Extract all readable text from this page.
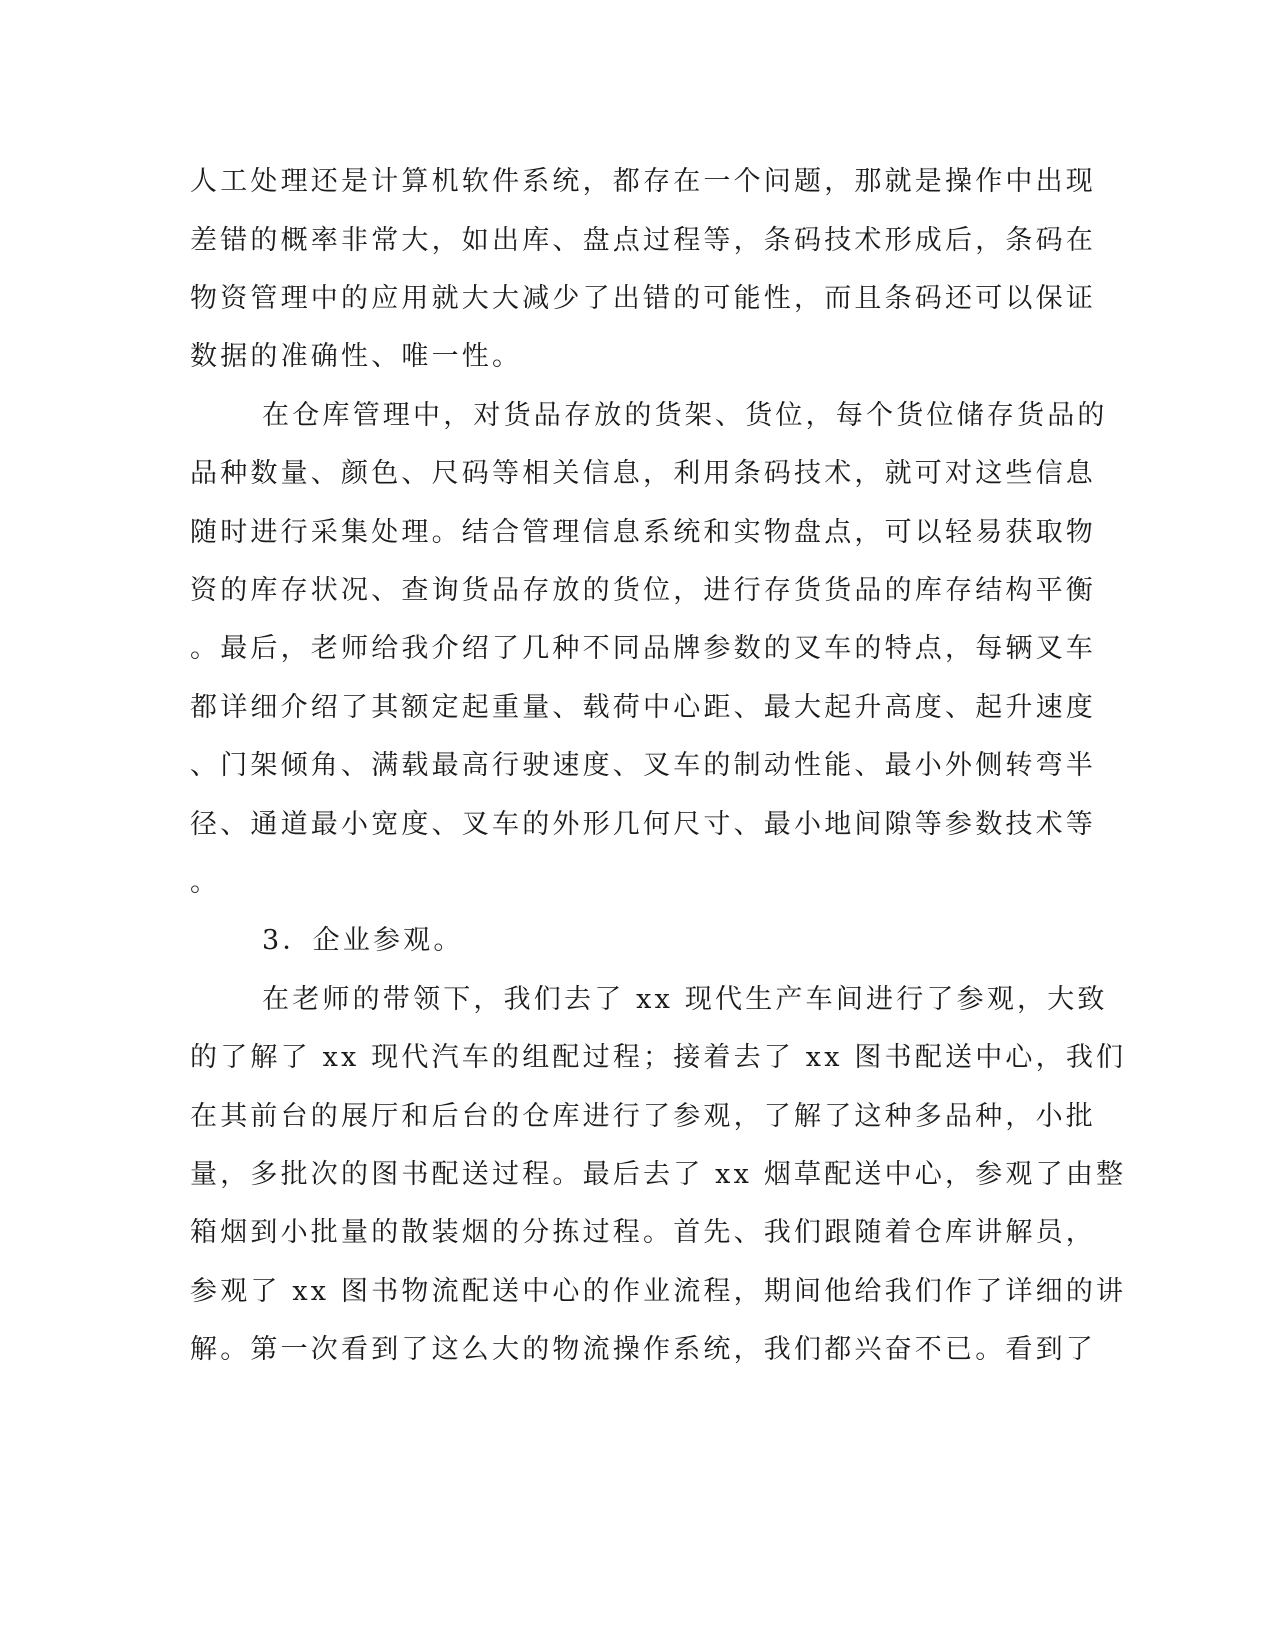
人工处理还是计算机软件系统，都存在一个问题，那就是操作中出现
差错的概率非常大，如出库、盘点过程等，条码技术形成后，条码在
物资管理中的应用就大大减少了出错的可能性，而且条码还可以保证
数据的准确性、唯一性。
在仓库管理中，对货品存放的货架、货位，每个货位储存货品的
品种数量、颜色、尺码等相关信息，利用条码技术，就可对这些信息
随时进行采集处理。结合管理信息系统和实物盘点，可以轻易获取物
资的库存状况、查询货品存放的货位，进行存货货品的库存结构平衡
。最后，老师给我介绍了几种不同品牌参数的叉车的特点，每辆叉车
都详细介绍了其额定起重量、载荷中心距、最大起升高度、起升速度
、门架倾角、满载最高行驶速度、叉车的制动性能、最小外侧转弯半
径、通道最小宽度、叉车的外形几何尺寸、最小地间隙等参数技术等
。
3．企业参观。
在老师的带领下，我们去了 xx 现代生产车间进行了参观，大致
的了解了 xx 现代汽车的组配过程；接着去了 xx 图书配送中心，我们
在其前台的展厅和后台的仓库进行了参观，了解了这种多品种，小批
量，多批次的图书配送过程。最后去了 xx 烟草配送中心，参观了由整
箱烟到小批量的散装烟的分拣过程。首先、我们跟随着仓库讲解员，
参观了 xx 图书物流配送中心的作业流程，期间他给我们作了详细的讲
解。第一次看到了这么大的物流操作系统，我们都兴奋不已。看到了
